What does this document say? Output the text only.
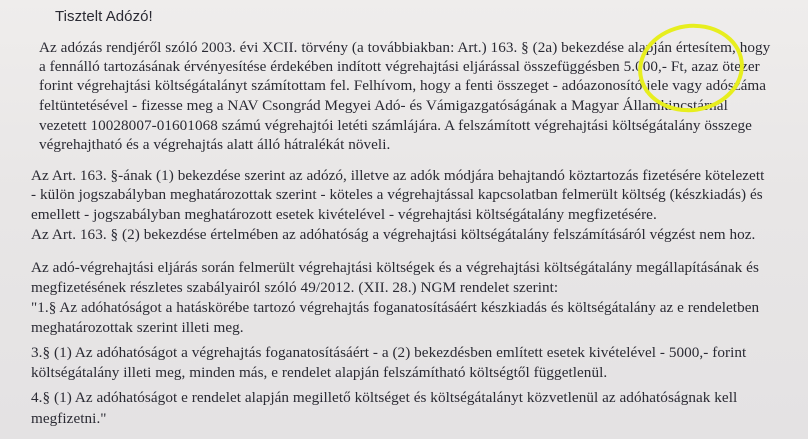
Tisztelt Adózó!
Az adózás rendjéről szóló 2003. évi XCII. törvény (a továbbiakban: Art.) 163. § (2a) bekezdése alapján értesítem, hogy
a fennálló tartozásának érvényesítése érdekében indított végrehajtási eljárással összefüggésben 5.000,- Ft, azaz ötezer
forint végrehajtási költségátalányt számítottam fel. Felhívom, hogy a fenti összeget - adóazonosító jele vagy adószáma
feltüntetésével - fizesse meg a NAV Csongrád Megyei Adó- és Vámigazgatóságának a Magyar Államkincstárnál
vezetett 10028007-01601068 számú végrehajtói letéti számlájára. A felszámított végrehajtási költségátalány összege
végrehajtható és a végrehajtás alatt álló hátralékát növeli.
Az Art. 163. §-ának (1) bekezdése szerint az adózó, illetve az adók módjára behajtandó köztartozás fizetésére kötelezett
- külön jogszabályban meghatározottak szerint - köteles a végrehajtással kapcsolatban felmerült költség (készkiadás) és
emellett - jogszabályban meghatározott esetek kivételével - végrehajtási költségátalány megfizetésére.
Az Art. 163. § (2) bekezdése értelmében az adóhatóság a végrehajtási költségátalány felszámításáról végzést nem hoz.
Az adó-végrehajtási eljárás során felmerült végrehajtási költségek és a végrehajtási költségátalány megállapításának és
megfizetésének részletes szabályairól szóló 49/2012. (XII. 28.) NGM rendelet szerint:
"1.§ Az adóhatóságot a hatáskörébe tartozó végrehajtás foganatosításáért készkiadás és költségátalány az e rendeletben
meghatározottak szerint illeti meg.
3.§ (1) Az adóhatóságot a végrehajtás foganatosításáért - a (2) bekezdésben említett esetek kivételével - 5000,- forint
költségátalány illeti meg, minden más, e rendelet alapján felszámítható költségtől függetlenül.
4.§ (1) Az adóhatóságot e rendelet alapján megillető költséget és költségátalányt közvetlenül az adóhatóságnak kell
megfizetni."
